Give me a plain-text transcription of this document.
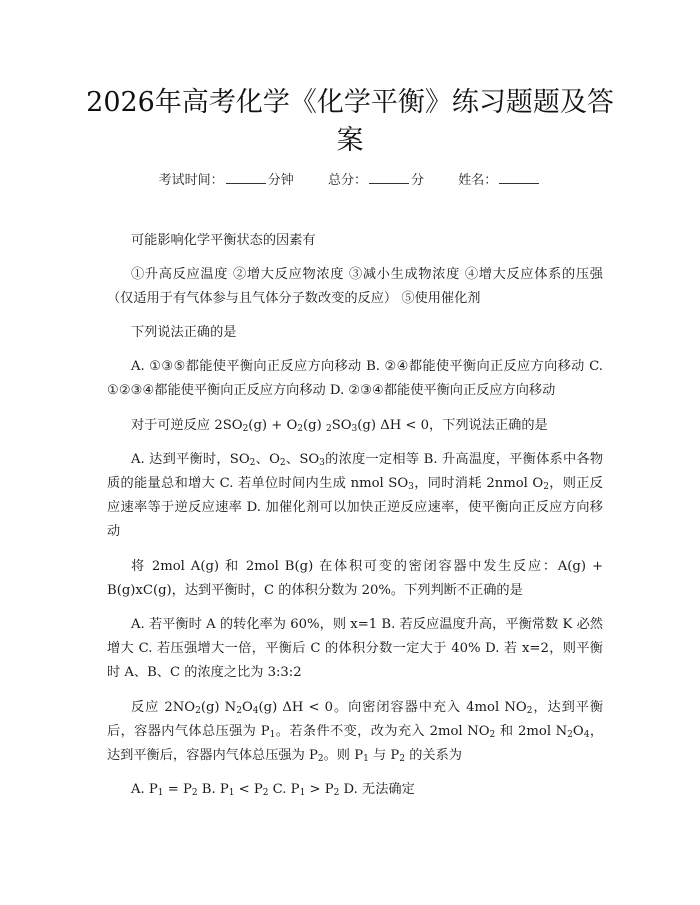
2026年高考化学《化学平衡》练习题题及答案
考试时间：	分钟	总分：	分	姓名：

可能影响化学平衡状态的因素有

①升高反应温度 ②增大反应物浓度 ③减小生成物浓度 ④增大反应体系的压强（仅适用于有气体参与且气体分子数改变的反应） ⑤使用催化剂

下列说法正确的是

A. ①③⑤都能使平衡向正反应方向移动 B. ②④都能使平衡向正反应方向移动 C. ①②③④都能使平衡向正反应方向移动 D. ②③④都能使平衡向正反应方向移动

对于可逆反应 $2SO_2(g) + O_2(g)$ $_2SO_3(g) \Delta H < 0$，下列说法正确的是

A. 达到平衡时，$SO_2$、$O_2$、$SO_3$的浓度一定相等 B. 升高温度，平衡体系中各物质的能量总和增大 C. 若单位时间内生成 nmol $SO_3$，同时消耗 2nmol $O_2$，则正反应速率等于逆反应速率 D. 加催化剂可以加快正逆反应速率，使平衡向正反应方向移动

将 2mol A(g) 和 2mol B(g) 在体积可变的密闭容器中发生反应：A(g) + B(g)xC(g)，达到平衡时，C 的体积分数为 20%。下列判断不正确的是

A. 若平衡时 A 的转化率为 60%，则 x=1 B. 若反应温度升高，平衡常数 K 必然增大 C. 若压强增大一倍，平衡后 C 的体积分数一定大于 40% D. 若 x=2，则平衡时 A、B、C 的浓度之比为 3:3:2

反应 $2NO_2(g)$ $N_2O_4(g) \Delta H < 0$。向密闭容器中充入 4mol $NO_2$，达到平衡后，容器内气体总压强为 $P_1$。若条件不变，改为充入 2mol $NO_2$ 和 2mol $N_2O_4$，达到平衡后，容器内气体总压强为 $P_2$。则 $P_1$ 与 $P_2$ 的关系为

A. $P_1 = P_2$ B. $P_1 < P_2$ C. $P_1 > P_2$ D. 无法确定
